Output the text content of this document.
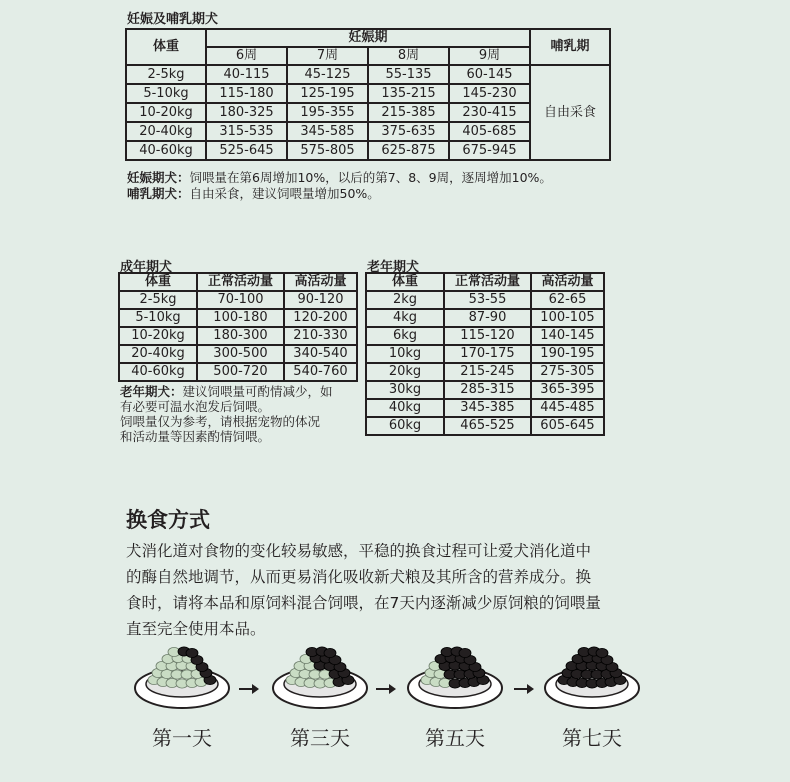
妊娠及哺乳期犬
体重	妊娠期				哺乳期
	6周	7周	8周	9周	
2-5kg	40-115	45-125	55-135	60-145	自由采食
5-10kg	115-180	125-195	135-215	145-230	
10-20kg	180-325	195-355	215-385	230-415	
20-40kg	315-535	345-585	375-635	405-685	
40-60kg	525-645	575-805	625-875	675-945	
妊娠期犬：饲喂量在第6周增加10%，以后的第7、8、9周，逐周增加10%。
哺乳期犬：自由采食，建议饲喂量增加50%。
成年期犬
体重	正常活动量	高活动量
2-5kg	70-100	90-120
5-10kg	100-180	120-200
10-20kg	180-300	210-330
20-40kg	300-500	340-540
40-60kg	500-720	540-760
老年期犬：建议饲喂量可酌情减少，如
有必要可温水泡发后饲喂。
饲喂量仅为参考，请根据宠物的体况
和活动量等因素酌情饲喂。
老年期犬
体重	正常活动量	高活动量
2kg	53-55	62-65
4kg	87-90	100-105
6kg	115-120	140-145
10kg	170-175	190-195
20kg	215-245	275-305
30kg	285-315	365-395
40kg	345-385	445-485
60kg	465-525	605-645
换食方式
犬消化道对食物的变化较易敏感，平稳的换食过程可让爱犬消化道中
的酶自然地调节，从而更易消化吸收新犬粮及其所含的营养成分。换
食时，请将本品和原饲料混合饲喂，在7天内逐渐减少原饲粮的饲喂量
直至完全使用本品。
第一天	第三天	第五天	第七天
